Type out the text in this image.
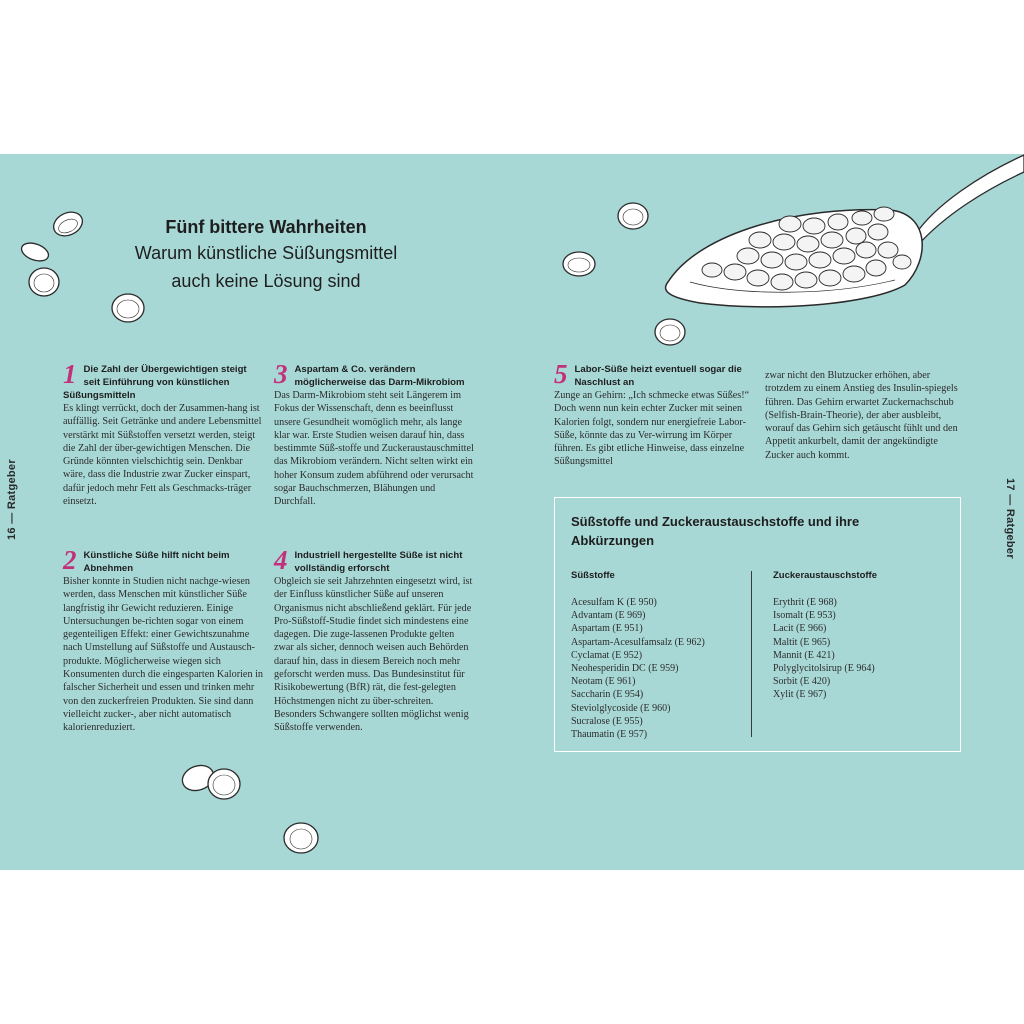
16 — Ratgeber	17 — Ratgeber
Fünf bittere Wahrheiten
Warum künstliche Süßungsmittel
auch keine Lösung sind
1 Die Zahl der Übergewichtigen steigt seit Einführung von künstlichen Süßungsmitteln
Es klingt verrückt, doch der Zusammen-hang ist auffällig. Seit Getränke und andere Lebensmittel verstärkt mit Süßstoffen versetzt werden, steigt die Zahl der über-gewichtigen Menschen. Die Gründe könnten vielschichtig sein. Denkbar wäre, dass die Industrie zwar Zucker einspart, dafür jedoch mehr Fett als Geschmacks-träger einsetzt.
2 Künstliche Süße hilft nicht beim Abnehmen
Bisher konnte in Studien nicht nachge-wiesen werden, dass Menschen mit künstlicher Süße langfristig ihr Gewicht reduzieren. Einige Untersuchungen be-richten sogar von einem gegenteiligen Effekt: einer Gewichtszunahme nach Umstellung auf Süßstoffe und Austausch-produkte. Möglicherweise wiegen sich Konsumenten durch die eingesparten Kalorien in falscher Sicherheit und essen und trinken mehr von den zuckerfreien Produkten. Sie sind dann vielleicht zucker-, aber nicht automatisch kalorienreduziert.
3 Aspartam & Co. verändern möglicherweise das Darm-Mikrobiom
Das Darm-Mikrobiom steht seit Längerem im Fokus der Wissenschaft, denn es beeinflusst unsere Gesundheit womöglich mehr, als lange klar war. Erste Studien weisen darauf hin, dass bestimmte Süß-stoffe und Zuckeraustauschmittel das Mikrobiom verändern. Nicht selten wirkt ein hoher Konsum zudem abführend oder verursacht sogar Bauchschmerzen, Blähungen und Durchfall.
4 Industriell hergestellte Süße ist nicht vollständig erforscht
Obgleich sie seit Jahrzehnten eingesetzt wird, ist der Einfluss künstlicher Süße auf unseren Organismus nicht abschließend geklärt. Für jede Pro-Süßstoff-Studie findet sich mindestens eine dagegen. Die zuge-lassenen Produkte gelten zwar als sicher, dennoch weisen auch Behörden darauf hin, dass in diesem Bereich noch mehr geforscht werden muss. Das Bundesinstitut für Risikobewertung (BfR) rät, die fest-gelegten Höchstmengen nicht zu über-schreiten. Besonders Schwangere sollten möglichst wenig Süßstoffe verwenden.
5 Labor-Süße heizt eventuell sogar die Naschlust an
Zunge an Gehirn: „Ich schmecke etwas Süßes!“ Doch wenn nun kein echter Zucker mit seinen Kalorien folgt, sondern nur energiefreie Labor-Süße, könnte das zu Ver-wirrung im Körper führen. Es gibt etliche Hinweise, dass einzelne Süßungsmittel
zwar nicht den Blutzucker erhöhen, aber trotzdem zu einem Anstieg des Insulin-spiegels führen. Das Gehirn erwartet Zuckernachschub (Selfish-Brain-Theorie), der aber ausbleibt, worauf das Gehirn sich getäuscht fühlt und den Appetit ankurbelt, damit der angekündigte Zucker auch kommt.
Süßstoffe und Zuckeraustauschstoffe und ihre Abkürzungen
Süßstoffe
Acesulfam K (E 950)
Advantam (E 969)
Aspartam (E 951)
Aspartam-Acesulfamsalz (E 962)
Cyclamat (E 952)
Neohesperidin DC (E 959)
Neotam (E 961)
Saccharin (E 954)
Steviolglycoside (E 960)
Sucralose (E 955)
Thaumatin (E 957)
Zuckeraustauschstoffe
Erythrit (E 968)
Isomalt (E 953)
Lacit (E 966)
Maltit (E 965)
Mannit (E 421)
Polyglycitolsirup (E 964)
Sorbit (E 420)
Xylit (E 967)
